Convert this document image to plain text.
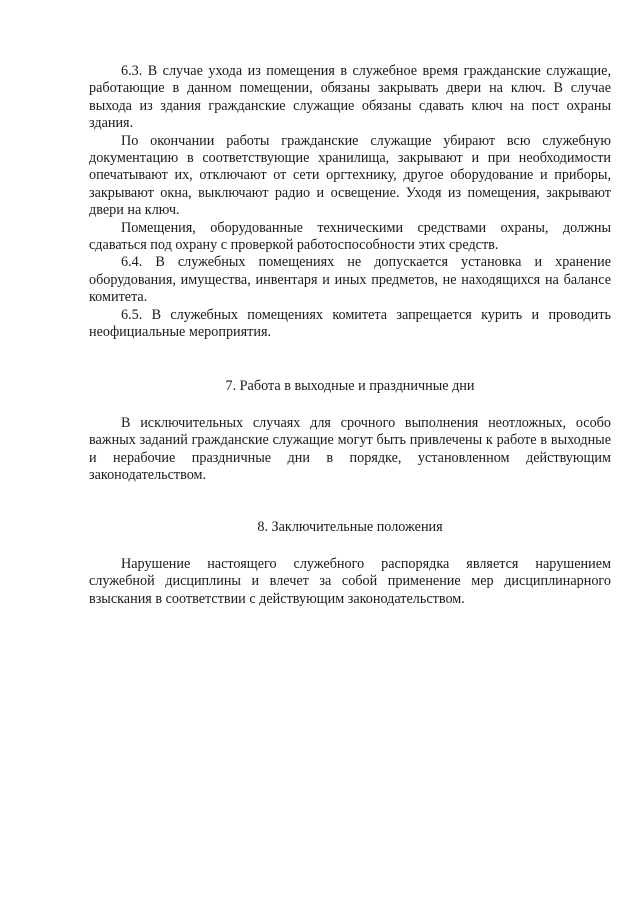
6.3. В случае ухода из помещения в служебное время гражданские служащие, работающие в данном помещении, обязаны закрывать двери на ключ. В случае выхода из здания гражданские служащие обязаны сдавать ключ на пост охраны здания.

По окончании работы гражданские служащие убирают всю служебную документацию в соответствующие хранилища, закрывают и при необходимости опечатывают их, отключают от сети оргтехнику, другое оборудование и приборы, закрывают окна, выключают радио и освещение. Уходя из помещения, закрывают двери на ключ.

Помещения, оборудованные техническими средствами охраны, должны сдаваться под охрану с проверкой работоспособности этих средств.

6.4. В служебных помещениях не допускается установка и хранение оборудования, имущества, инвентаря и иных предметов, не находящихся на балансе комитета.

6.5. В служебных помещениях комитета запрещается курить и проводить неофициальные мероприятия.

7. Работа в выходные и праздничные дни

В исключительных случаях для срочного выполнения неотложных, особо важных заданий гражданские служащие могут быть привлечены к работе в выходные и нерабочие праздничные дни в порядке, установленном действующим законодательством.

8. Заключительные положения

Нарушение настоящего служебного распорядка является нарушением служебной дисциплины и влечет за собой применение мер дисциплинарного взыскания в соответствии с действующим законодательством.
